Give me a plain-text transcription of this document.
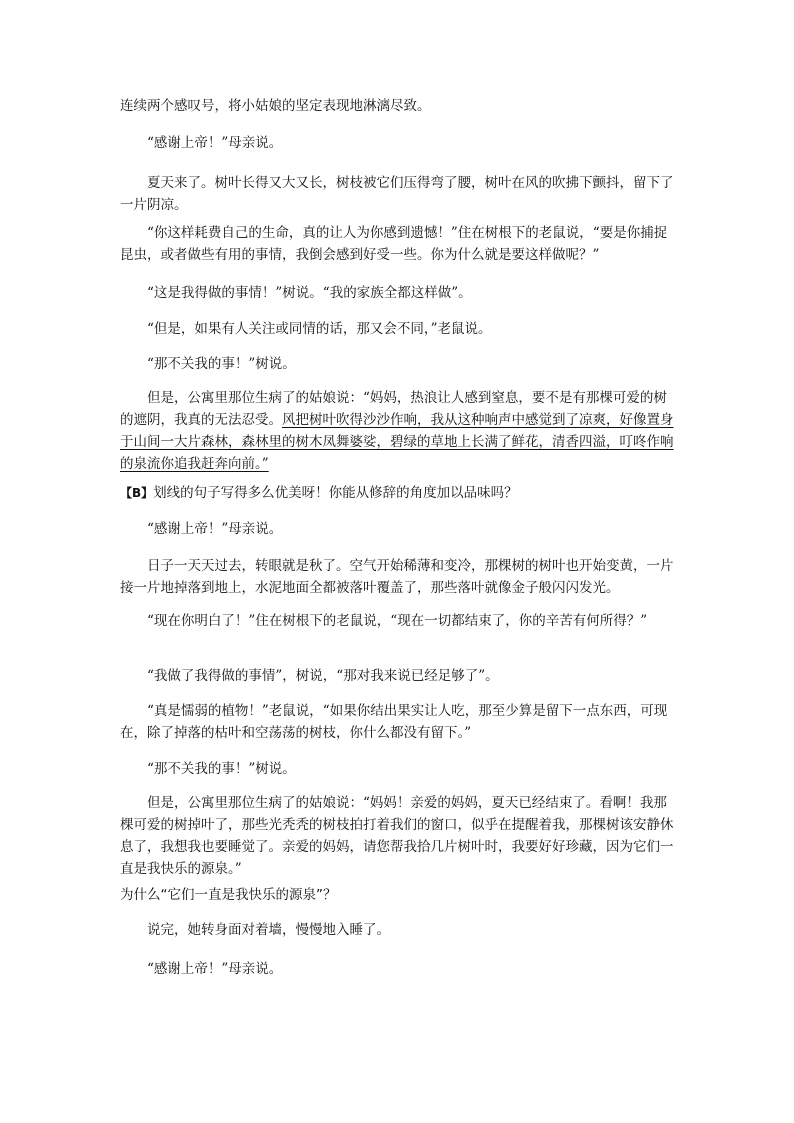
连续两个感叹号，将小姑娘的坚定表现地淋漓尽致。

“感谢上帝！”母亲说。

夏天来了。树叶长得又大又长，树枝被它们压得弯了腰，树叶在风的吹拂下颤抖，留下了一片阴凉。

“你这样耗费自己的生命，真的让人为你感到遗憾！”住在树根下的老鼠说，“要是你捕捉昆虫，或者做些有用的事情，我倒会感到好受一些。你为什么就是要这样做呢？”

“这是我得做的事情！”树说。“我的家族全都这样做”。

“但是，如果有人关注或同情的话，那又会不同，”老鼠说。

“那不关我的事！”树说。

但是，公寓里那位生病了的姑娘说：“妈妈，热浪让人感到窒息，要不是有那棵可爱的树的遮阴，我真的无法忍受。风把树叶吹得沙沙作响，我从这种响声中感觉到了凉爽，好像置身于山间一大片森林，森林里的树木凤舞婆娑，碧绿的草地上长满了鲜花，清香四溢，叮咚作响的泉流你追我赶奔向前。”

【B】划线的句子写得多么优美呀！你能从修辞的角度加以品味吗？

“感谢上帝！”母亲说。

日子一天天过去，转眼就是秋了。空气开始稀薄和变冷，那棵树的树叶也开始变黄，一片接一片地掉落到地上，水泥地面全都被落叶覆盖了，那些落叶就像金子般闪闪发光。

“现在你明白了！”住在树根下的老鼠说，“现在一切都结束了，你的辛苦有何所得？”

“我做了我得做的事情”，树说，“那对我来说已经足够了”。

“真是懦弱的植物！”老鼠说，“如果你结出果实让人吃，那至少算是留下一点东西，可现在，除了掉落的枯叶和空荡荡的树枝，你什么都没有留下。”

“那不关我的事！”树说。

但是，公寓里那位生病了的姑娘说：“妈妈！亲爱的妈妈，夏天已经结束了。看啊！我那棵可爱的树掉叶了，那些光秃秃的树枝拍打着我们的窗口，似乎在提醒着我，那棵树该安静休息了，我想我也要睡觉了。亲爱的妈妈，请您帮我拾几片树叶时，我要好好珍藏，因为它们一直是我快乐的源泉。”

为什么“它们一直是我快乐的源泉”？

说完，她转身面对着墙，慢慢地入睡了。

“感谢上帝！”母亲说。
